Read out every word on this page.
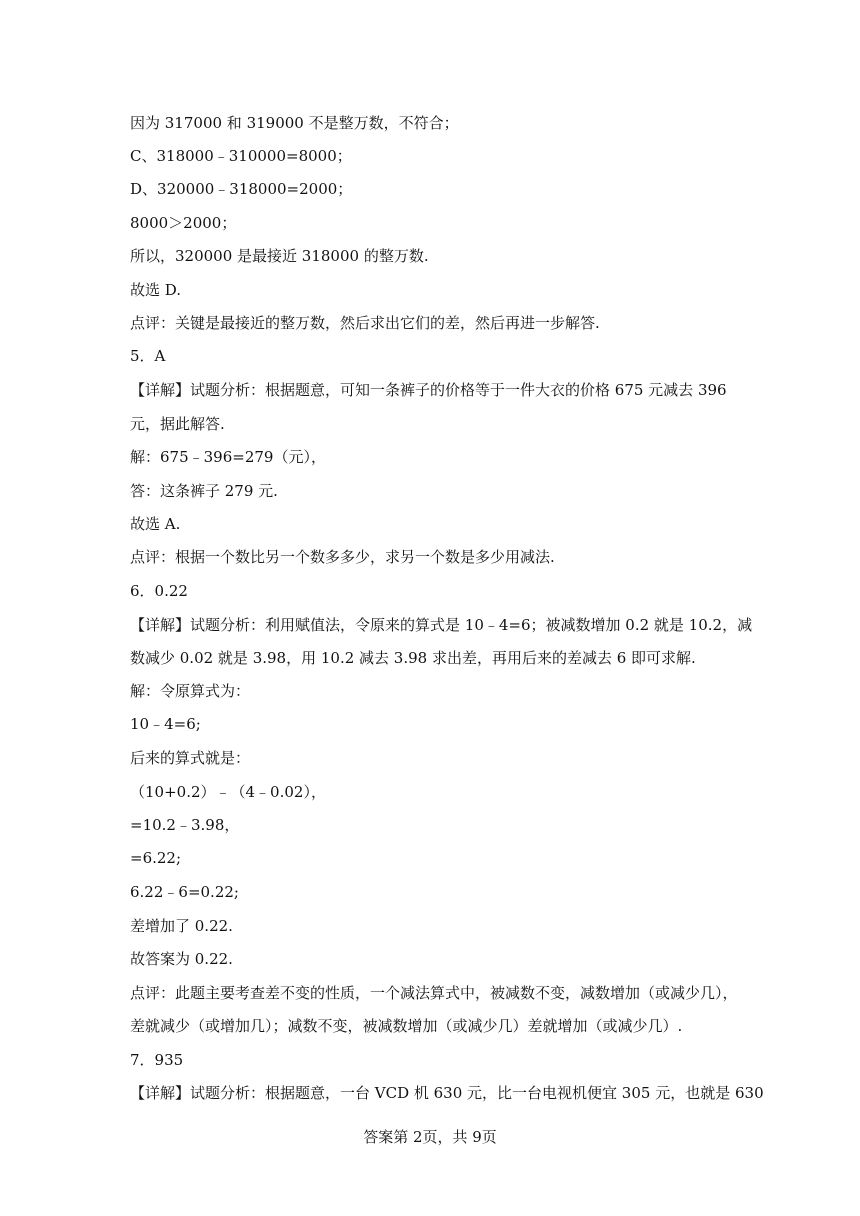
因为 317000 和 319000 不是整万数，不符合；
C、318000﹣310000=8000；
D、320000﹣318000=2000；
8000＞2000；
所以，320000 是最接近 318000 的整万数.
故选 D.
点评：关键是最接近的整万数，然后求出它们的差，然后再进一步解答.
5．A
【详解】试题分析：根据题意，可知一条裤子的价格等于一件大衣的价格 675 元减去 396
元，据此解答.
解：675﹣396=279（元），
答：这条裤子 279 元.
故选 A.
点评：根据一个数比另一个数多多少，求另一个数是多少用减法.
6．0.22
【详解】试题分析：利用赋值法，令原来的算式是 10﹣4=6；被减数增加 0.2 就是 10.2，减
数减少 0.02 就是 3.98，用 10.2 减去 3.98 求出差，再用后来的差减去 6 即可求解.
解：令原算式为：
10﹣4=6;
后来的算式就是：
（10+0.2）﹣（4﹣0.02），
=10.2﹣3.98，
=6.22;
6.22﹣6=0.22;
差增加了 0.22.
故答案为 0.22.
点评：此题主要考查差不变的性质，一个减法算式中，被减数不变，减数增加（或减少几），
差就减少（或增加几）；减数不变，被减数增加（或减少几）差就增加（或减少几）.
7．935
【详解】试题分析：根据题意，一台 VCD 机 630 元，比一台电视机便宜 305 元，也就是 630
答案第 2页，共 9页
